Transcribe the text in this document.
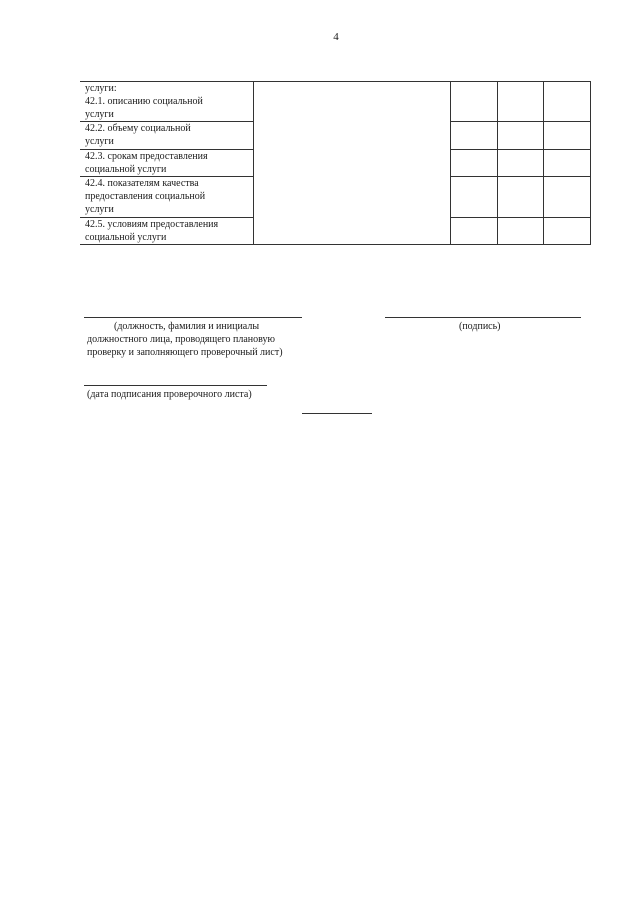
4
услуги:
42.1. описанию социальной
услуги				

42.2. объему социальной
услуги				

42.3. срокам предоставления
социальной услуги				

42.4. показателям качества
предоставления социальной
услуги				

42.5. условиям предоставления
социальной услуги				

(должность, фамилия и инициалы
должностного лица, проводящего плановую
проверку и заполняющего проверочный лист)
(подпись)
(дата подписания проверочного листа)
